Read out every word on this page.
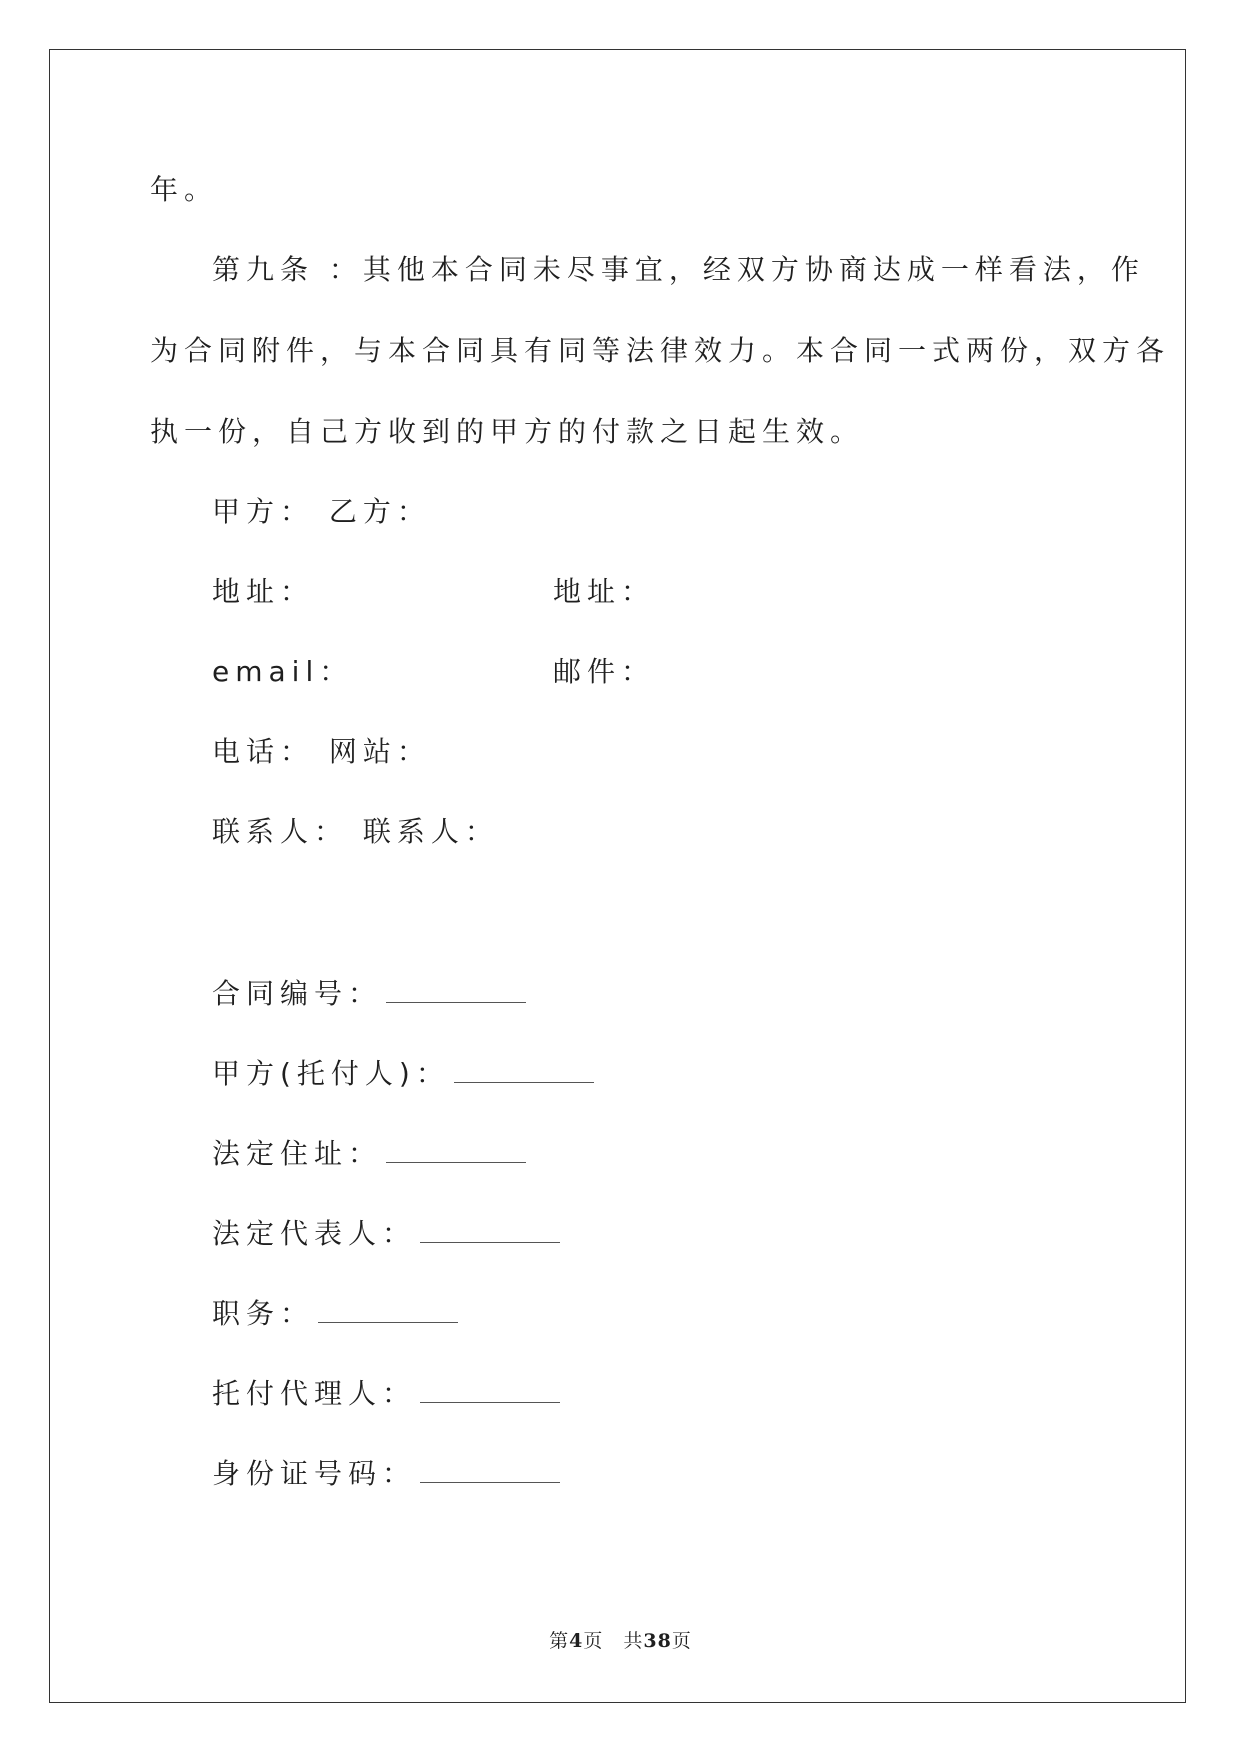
年。
第九条 ：其他本合同未尽事宜，经双方协商达成一样看法，作
为合同附件，与本合同具有同等法律效力。本合同一式两份，双方各
执一份，自己方收到的甲方的付款之日起生效。
甲方： 乙方：
地址：	地址：
email：	邮件：
电话： 网站：
联系人： 联系人：
合同编号：
甲方(托付人)：
法定住址：
法定代表人：
职务：
托付代理人：
身份证号码：
第4页　共38页
